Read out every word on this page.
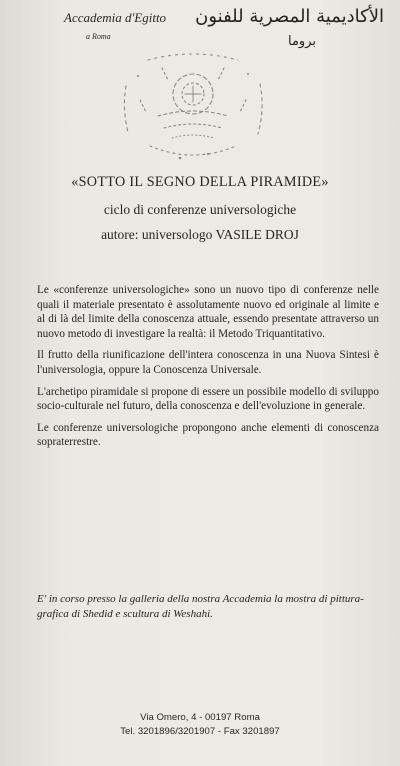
Accademia d'Egitto
a Roma
الأكاديمية المصرية للفنون
بروما
«SOTTO IL SEGNO DELLA PIRAMIDE»
ciclo di conferenze universologiche
autore: universologo VASILE DROJ

Le «conferenze universologiche» sono un nuovo tipo di conferenze nelle quali il materiale presentato è assolutamente nuovo ed originale al limite e al di là del limite della conoscenza attuale, essendo presentate attraverso un nuovo metodo di investigare la realtà: il Metodo Triquantitativo.

Il frutto della riunificazione dell'intera conoscenza in una Nuova Sintesi è l'universologia, oppure la Conoscenza Universale.

L'archetipo piramidale si propone di essere un possibile modello di sviluppo socio-culturale nel futuro, della conoscenza e dell'evoluzione in generale.

Le conferenze universologiche propongono anche elementi di conoscenza sopraterrestre.

E' in corso presso la galleria della nostra Accademia la mostra di pittura-grafica di Shedid e scultura di Weshahi.
Via Omero, 4 - 00197 Roma
Tel. 3201896/3201907 - Fax 3201897
